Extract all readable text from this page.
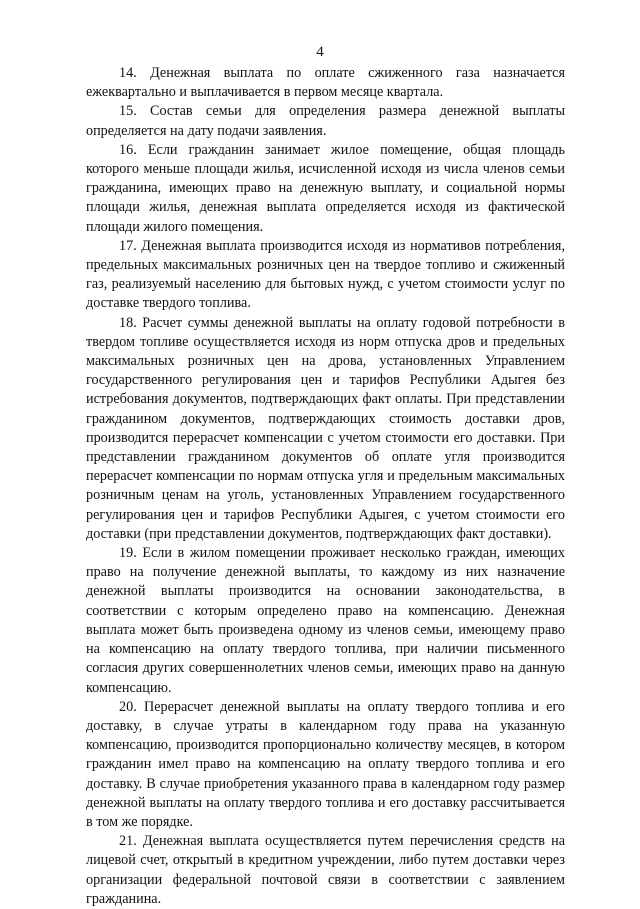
4

14. Денежная выплата по оплате сжиженного газа назначается ежеквартально и выплачивается в первом месяце квартала.

15. Состав семьи для определения размера денежной выплаты определяется на дату подачи заявления.

16. Если гражданин занимает жилое помещение, общая площадь которого меньше площади жилья, исчисленной исходя из числа членов семьи гражданина, имеющих право на денежную выплату, и социальной нормы площади жилья, денежная выплата определяется исходя из фактической площади жилого помещения.

17. Денежная выплата производится исходя из нормативов потребления, предельных максимальных розничных цен на твердое топливо и сжиженный газ, реализуемый населению для бытовых нужд, с учетом стоимости услуг по доставке твердого топлива.

18. Расчет суммы денежной выплаты на оплату годовой потребности в твердом топливе осуществляется исходя из норм отпуска дров и предельных максимальных розничных цен на дрова, установленных Управлением государственного регулирования цен и тарифов Республики Адыгея без истребования документов, подтверждающих факт оплаты. При представлении гражданином документов, подтверждающих стоимость доставки дров, производится перерасчет компенсации с учетом стоимости его доставки. При представлении гражданином документов об оплате угля производится перерасчет компенсации по нормам отпуска угля и предельным максимальных розничным ценам на уголь, установленных Управлением государственного регулирования цен и тарифов Республики Адыгея, с учетом стоимости его доставки (при представлении документов, подтверждающих факт доставки).

19. Если в жилом помещении проживает несколько граждан, имеющих право на получение денежной выплаты, то каждому из них назначение денежной выплаты производится на основании законодательства, в соответствии с которым определено право на компенсацию. Денежная выплата может быть произведена одному из членов семьи, имеющему право на компенсацию на оплату твердого топлива, при наличии письменного согласия других совершеннолетних членов семьи, имеющих право на данную компенсацию.

20. Перерасчет денежной выплаты на оплату твердого топлива и его доставку, в случае утраты в календарном году права на указанную компенсацию, производится пропорционально количеству месяцев, в котором гражданин имел право на компенсацию на оплату твердого топлива и его доставку. В случае приобретения указанного права в календарном году размер денежной выплаты на оплату твердого топлива и его доставку рассчитывается в том же порядке.

21. Денежная выплата осуществляется путем перечисления средств на лицевой счет, открытый в кредитном учреждении, либо путем доставки через организации федеральной почтовой связи в соответствии с заявлением гражданина.
